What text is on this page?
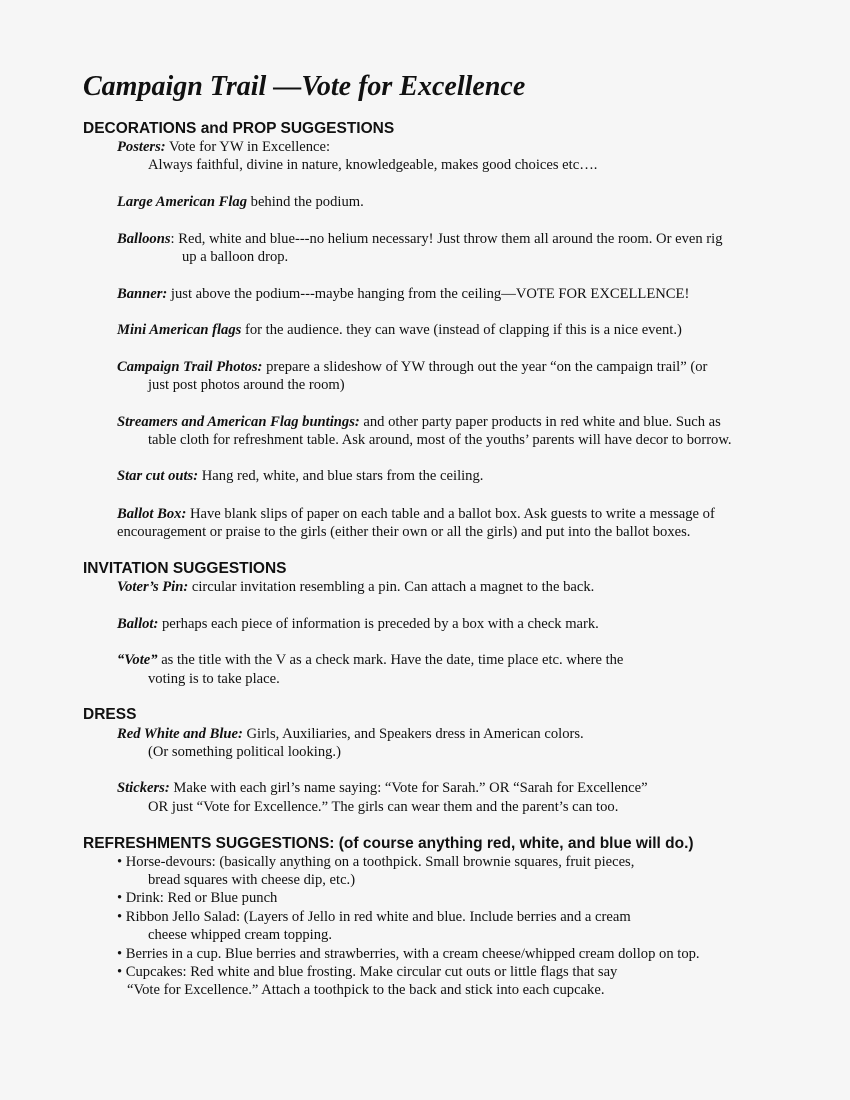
Campaign Trail —Vote for Excellence
DECORATIONS and PROP SUGGESTIONS
Posters: Vote for YW in Excellence:
Always faithful, divine in nature, knowledgeable, makes good choices etc….
Large American Flag behind the podium.
Balloons: Red, white and blue---no helium necessary! Just throw them all around the room. Or even rig
up a balloon drop.
Banner: just above the podium---maybe hanging from the ceiling—VOTE FOR EXCELLENCE!
Mini American flags for the audience. they can wave (instead of clapping if this is a nice event.)
Campaign Trail Photos: prepare a slideshow of YW through out the year “on the campaign trail” (or
just post photos around the room)
Streamers and American Flag buntings: and other party paper products in red white and blue. Such as
table cloth for refreshment table. Ask around, most of the youths’ parents will have decor to borrow.
Star cut outs: Hang red, white, and blue stars from the ceiling.
Ballot Box: Have blank slips of paper on each table and a ballot box. Ask guests to write a message of
encouragement or praise to the girls (either their own or all the girls) and put into the ballot boxes.
INVITATION SUGGESTIONS
Voter’s Pin: circular invitation resembling a pin. Can attach a magnet to the back.
Ballot: perhaps each piece of information is preceded by a box with a check mark.
“Vote” as the title with the V as a check mark. Have the date, time place etc. where the
voting is to take place.
DRESS
Red White and Blue: Girls, Auxiliaries, and Speakers dress in American colors.
(Or something political looking.)
Stickers: Make with each girl’s name saying: “Vote for Sarah.” OR “Sarah for Excellence”
OR just “Vote for Excellence.” The girls can wear them and the parent’s can too.
REFRESHMENTS SUGGESTIONS: (of course anything red, white, and blue will do.)
• Horse-devours: (basically anything on a toothpick. Small brownie squares, fruit pieces,
bread squares with cheese dip, etc.)
• Drink: Red or Blue punch
• Ribbon Jello Salad: (Layers of Jello in red white and blue. Include berries and a cream
cheese whipped cream topping.
• Berries in a cup. Blue berries and strawberries, with a cream cheese/whipped cream dollop on top.
• Cupcakes: Red white and blue frosting. Make circular cut outs or little flags that say
“Vote for Excellence.” Attach a toothpick to the back and stick into each cupcake.
